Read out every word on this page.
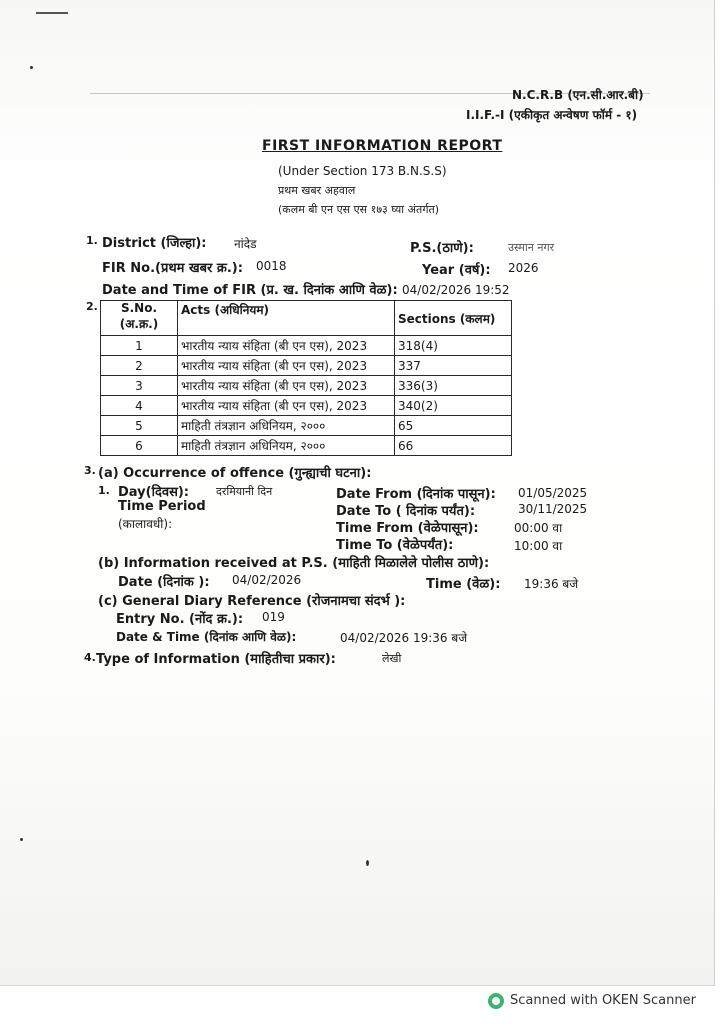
N.C.R.B (एन.सी.आर.बी)
I.I.F.-I (एकीकृत अन्वेषण फॉर्म - १)
FIRST INFORMATION REPORT
(Under Section 173 B.N.S.S)
प्रथम खबर अहवाल
(कलम बी एन एस एस १७३ घ्या अंतर्गत)
1. District (जिल्हा): नांदेड	P.S.(ठाणे):	उस्मान नगर
FIR No.(प्रथम खबर क्र.): 0018	Year (वर्ष): 2026
Date and Time of FIR (प्र. ख. दिनांक आणि वेळ): 04/02/2026 19:52
2. S.No. (अ.क्र.)	Acts (अधिनियम)	Sections (कलम)
1	भारतीय न्याय संहिता (बी एन एस), 2023	318(4)
2	भारतीय न्याय संहिता (बी एन एस), 2023	337
3	भारतीय न्याय संहिता (बी एन एस), 2023	336(3)
4	भारतीय न्याय संहिता (बी एन एस), 2023	340(2)
5	माहिती तंत्रज्ञान अधिनियम, २०००	65
6	माहिती तंत्रज्ञान अधिनियम, २०००	66
3. (a) Occurrence of offence (गुन्ह्याची घटना):
1. Day(दिवस): दरमियानी दिन
Time Period
(कालावधी):
Date From (दिनांक पासून): 01/05/2025
Date To ( दिनांक पर्यंत):	30/11/2025
Time From (वेळेपासून):	00:00 वा
Time To (वेळेपर्यंत):	10:00 वा
(b) Information received at P.S. (माहिती मिळालेले पोलीस ठाणे):
Date (दिनांक ): 04/02/2026	Time (वेळ): 19:36 बजे
(c) General Diary Reference (रोजनामचा संदर्भ ):
Entry No. (नोंद क्र.): 019
Date & Time (दिनांक आणि वेळ):	04/02/2026 19:36 बजे
4. Type of Information (माहितीचा प्रकार):	लेखी
Scanned with OKEN Scanner
